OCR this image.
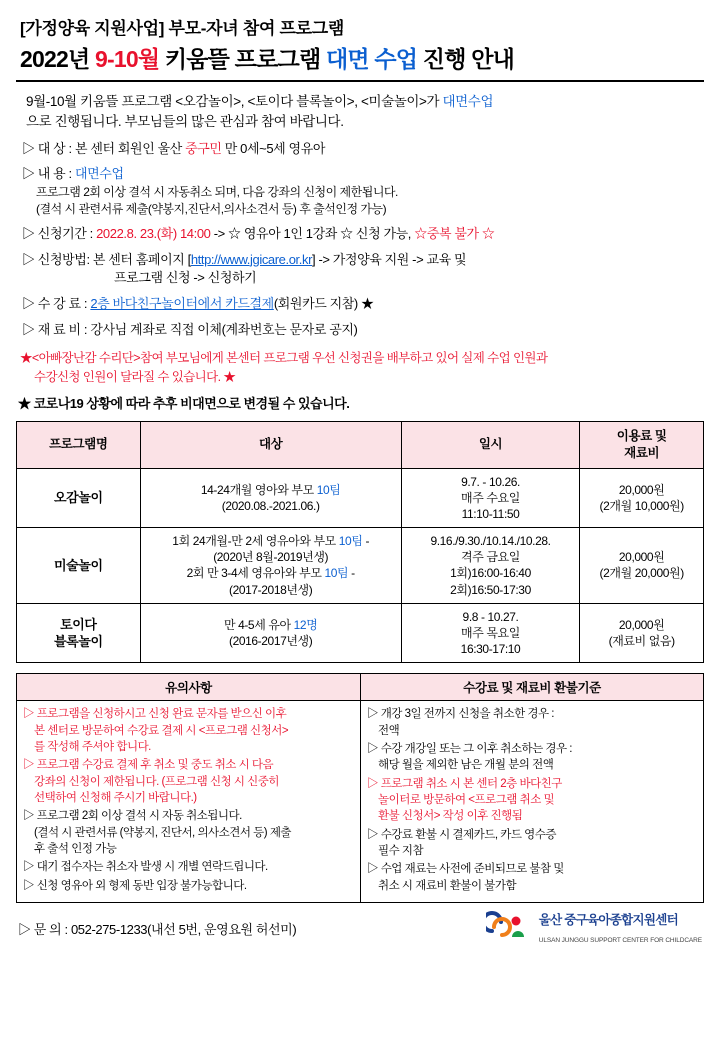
[가정양육 지원사업] 부모-자녀 참여 프로그램
2022년 9-10월 키움뜰 프로그램 대면 수업 진행 안내
9월-10월 키움뜰 프로그램 <오감놀이>, <토이다 블록놀이>, <미술놀이>가 대면수업
으로 진행됩니다. 부모님들의 많은 관심과 참여 바랍니다.
▷ 대 상 : 본 센터 회원인 울산 중구민 만 0세~5세 영유아
▷ 내 용 : 대면수업
프로그램 2회 이상 결석 시 자동취소 되며, 다음 강좌의 신청이 제한됩니다.
(결석 시 관련서류 제출(약봉지,진단서,의사소견서 등) 후 출석인정 가능)
▷ 신청기간 : 2022.8. 23.(화) 14:00 -> ☆ 영유아 1인 1강좌 ☆ 신청 가능, ☆중복 불가 ☆
▷ 신청방법: 본 센터 홈페이지 [http://www.jgicare.or.kr] -> 가정양육 지원 -> 교육 및
프로그램 신청 -> 신청하기
▷ 수 강 료 : 2층 바다친구놀이터에서 카드결제(회원카드 지참) ★
▷ 재 료 비 : 강사님 계좌로 직접 이체(계좌번호는 문자로 공지)
★<아빠장난감 수리단>참여 부모님에게 본센터 프로그램 우선 신청권을 배부하고 있어 실제 수업 인원과
수강신청 인원이 달라질 수 있습니다. ★
★ 코로나19 상황에 따라 추후 비대면으로 변경될 수 있습니다.
프로그램명	대상	일시	이용료 및
재료비
오감놀이	14-24개월 영아와 부모 10팀
(2020.08.-2021.06.)	9.7. - 10.26.
매주 수요일
11:10-11:50	20,000원
(2개월 10,000원)
미술놀이	1회 24개월-만 2세 영유아와 부모 10팀 -
(2020년 8월-2019년생)
2회 만 3-4세 영유아와 부모 10팀 -
(2017-2018년생)	9.16./9.30./10.14./10.28.
격주 금요일
1회)16:00-16:40
2회)16:50-17:30	20,000원
(2개월 20,000원)
토이다
블록놀이	만 4-5세 유아 12명
(2016-2017년생)	9.8 - 10.27.
매주 목요일
16:30-17:10	20,000원
(재료비 없음)
유의사항

▷ 프로그램을 신청하시고 신청 완료 문자를 받으신 이후
본 센터로 방문하여 수강료 결제 시 <프로그램 신청서>
를 작성해 주셔야 합니다.

▷ 프로그램 수강료 결제 후 취소 및 중도 취소 시 다음
강좌의 신청이 제한됩니다. (프로그램 신청 시 신중히
선택하여 신청해 주시기 바랍니다.)

▷ 프로그램 2회 이상 결석 시 자동 취소됩니다.
(결석 시 관련서류 (약봉지, 진단서, 의사소견서 등) 제출
후 출석 인정 가능

▷ 대기 접수자는 취소자 발생 시 개별 연락드립니다.

▷ 신청 영유아 외 형제 동반 입장 불가능합니다.

수강료 및 재료비 환불기준

▷ 개강 3일 전까지 신청을 취소한 경우 :
전액

▷ 수강 개강일 또는 그 이후 취소하는 경우 :
해당 월을 제외한 남은 개월 분의 전액

▷ 프로그램 취소 시 본 센터 2층 바다친구
놀이터로 방문하여 <프로그램 취소 및
환불 신청서> 작성 이후 진행됨

▷ 수강료 환불 시 결제카드, 카드 영수증
필수 지참

▷ 수업 재료는 사전에 준비되므로 불참 및
취소 시 재료비 환불이 불가함

▷ 문 의 : 052-275-1233(내선 5번, 운영요원 허선미)
울산 중구육아종합지원센터
ULSAN JUNGGU SUPPORT CENTER FOR CHILDCARE
